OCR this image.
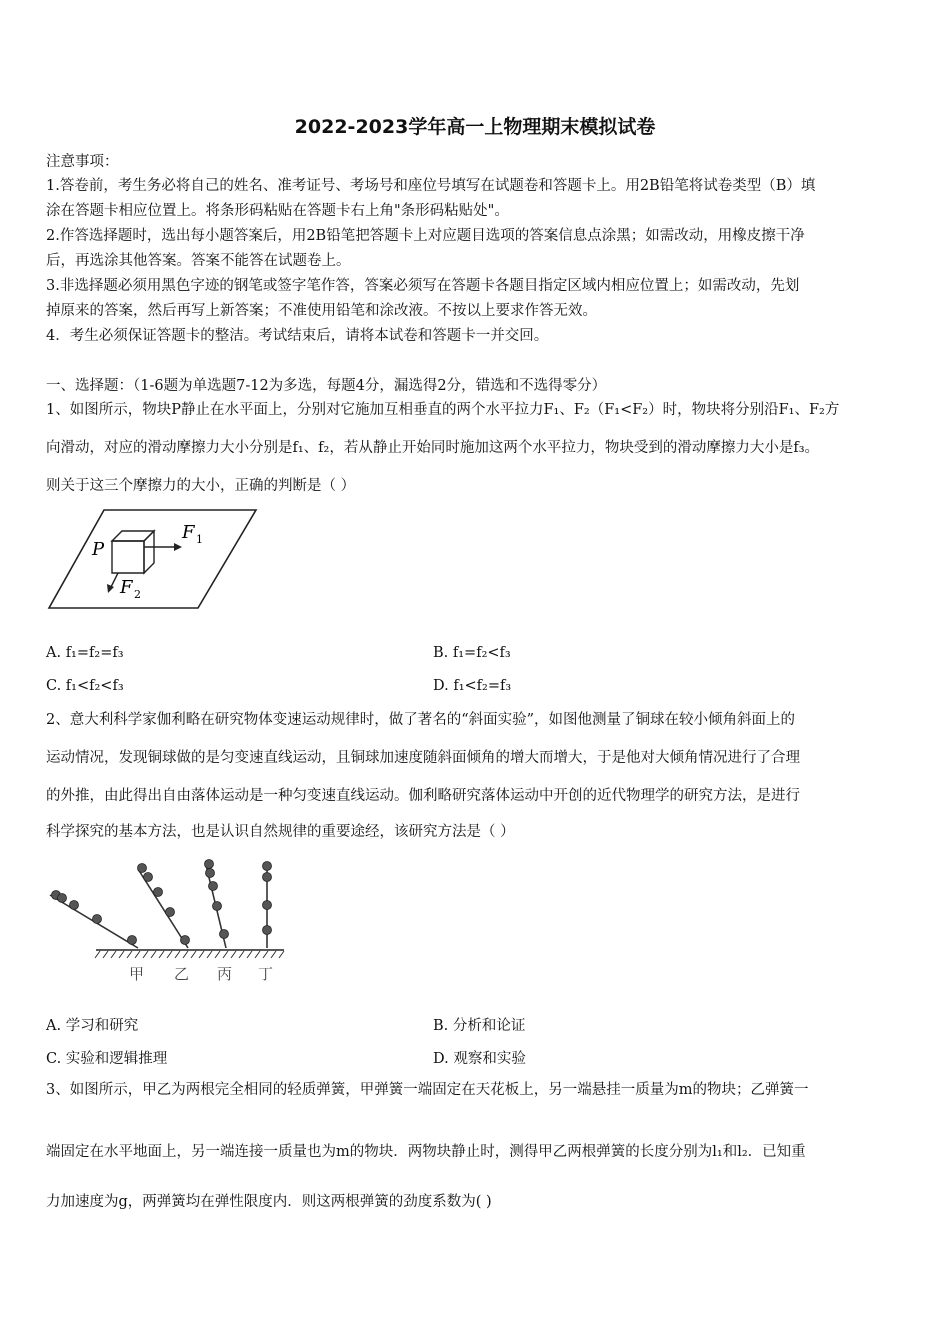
2022-2023学年高一上物理期末模拟试卷
注意事项：
1.答卷前，考生务必将自己的姓名、准考证号、考场号和座位号填写在试题卷和答题卡上。用2B铅笔将试卷类型（B）填
涂在答题卡相应位置上。将条形码粘贴在答题卡右上角"条形码粘贴处"。
2.作答选择题时，选出每小题答案后，用2B铅笔把答题卡上对应题目选项的答案信息点涂黑；如需改动，用橡皮擦干净
后，再选涂其他答案。答案不能答在试题卷上。
3.非选择题必须用黑色字迹的钢笔或签字笔作答，答案必须写在答题卡各题目指定区域内相应位置上；如需改动，先划
掉原来的答案，然后再写上新答案；不准使用铅笔和涂改液。不按以上要求作答无效。
4．考生必须保证答题卡的整洁。考试结束后，请将本试卷和答题卡一并交回。
一、选择题：（1-6题为单选题7-12为多选，每题4分，漏选得2分，错选和不选得零分）
1、如图所示，物块P静止在水平面上，分别对它施加互相垂直的两个水平拉力F₁、F₂（F₁<F₂）时，物块将分别沿F₁、F₂方
向滑动，对应的滑动摩擦力大小分别是f₁、f₂，若从静止开始同时施加这两个水平拉力，物块受到的滑动摩擦力大小是f₃。
则关于这三个摩擦力的大小，正确的判断是（ ）
P
F 1
F 2
A. f₁=f₂=f₃	B. f₁=f₂<f₃
C. f₁<f₂<f₃	D. f₁<f₂=f₃
2、意大利科学家伽利略在研究物体变速运动规律时，做了著名的“斜面实验”，如图他测量了铜球在较小倾角斜面上的
运动情况，发现铜球做的是匀变速直线运动，且铜球加速度随斜面倾角的增大而增大，于是他对大倾角情况进行了合理
的外推，由此得出自由落体运动是一种匀变速直线运动。伽利略研究落体运动中开创的近代物理学的研究方法，是进行
科学探究的基本方法，也是认识自然规律的重要途经，该研究方法是（ ）
甲 乙 丙 丁
A. 学习和研究	B. 分析和论证
C. 实验和逻辑推理	D. 观察和实验
3、如图所示，甲乙为两根完全相同的轻质弹簧，甲弹簧一端固定在天花板上，另一端悬挂一质量为m的物块；乙弹簧一
端固定在水平地面上，另一端连接一质量也为m的物块．两物块静止时，测得甲乙两根弹簧的长度分别为l₁和l₂．已知重
力加速度为g，两弹簧均在弹性限度内．则这两根弹簧的劲度系数为( )
